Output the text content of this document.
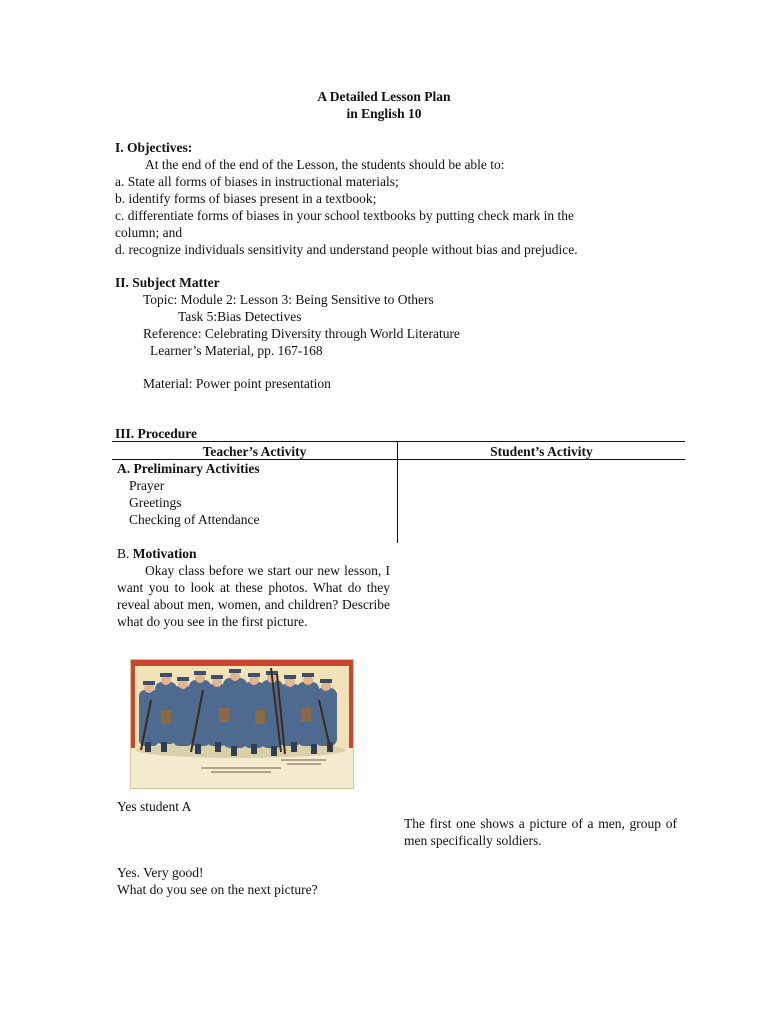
A Detailed Lesson Plan
in English 10
I. Objectives:
At the end of the end of the Lesson, the students should be able to:
a. State all forms of biases in instructional materials;
b. identify forms of biases present in a textbook;
c. differentiate forms of biases in your school textbooks by putting check mark in the
column; and
d. recognize individuals sensitivity and understand people without bias and prejudice.
II. Subject Matter
Topic: Module 2: Lesson 3: Being Sensitive to Others
Task 5:Bias Detectives
Reference: Celebrating Diversity through World Literature
Learner’s Material, pp. 167-168
Material: Power point presentation
III. Procedure
Teacher’s Activity	Student’s Activity
A. Preliminary Activities
Prayer
Greetings
Checking of Attendance
B. Motivation
Okay class before we start our new lesson, I want you to look at these photos. What do they reveal about men, women, and children? Describe what do you see in the first picture.
Yes student A
The first one shows a picture of a men, group of men specifically soldiers.
Yes. Very good!
What do you see on the next picture?
